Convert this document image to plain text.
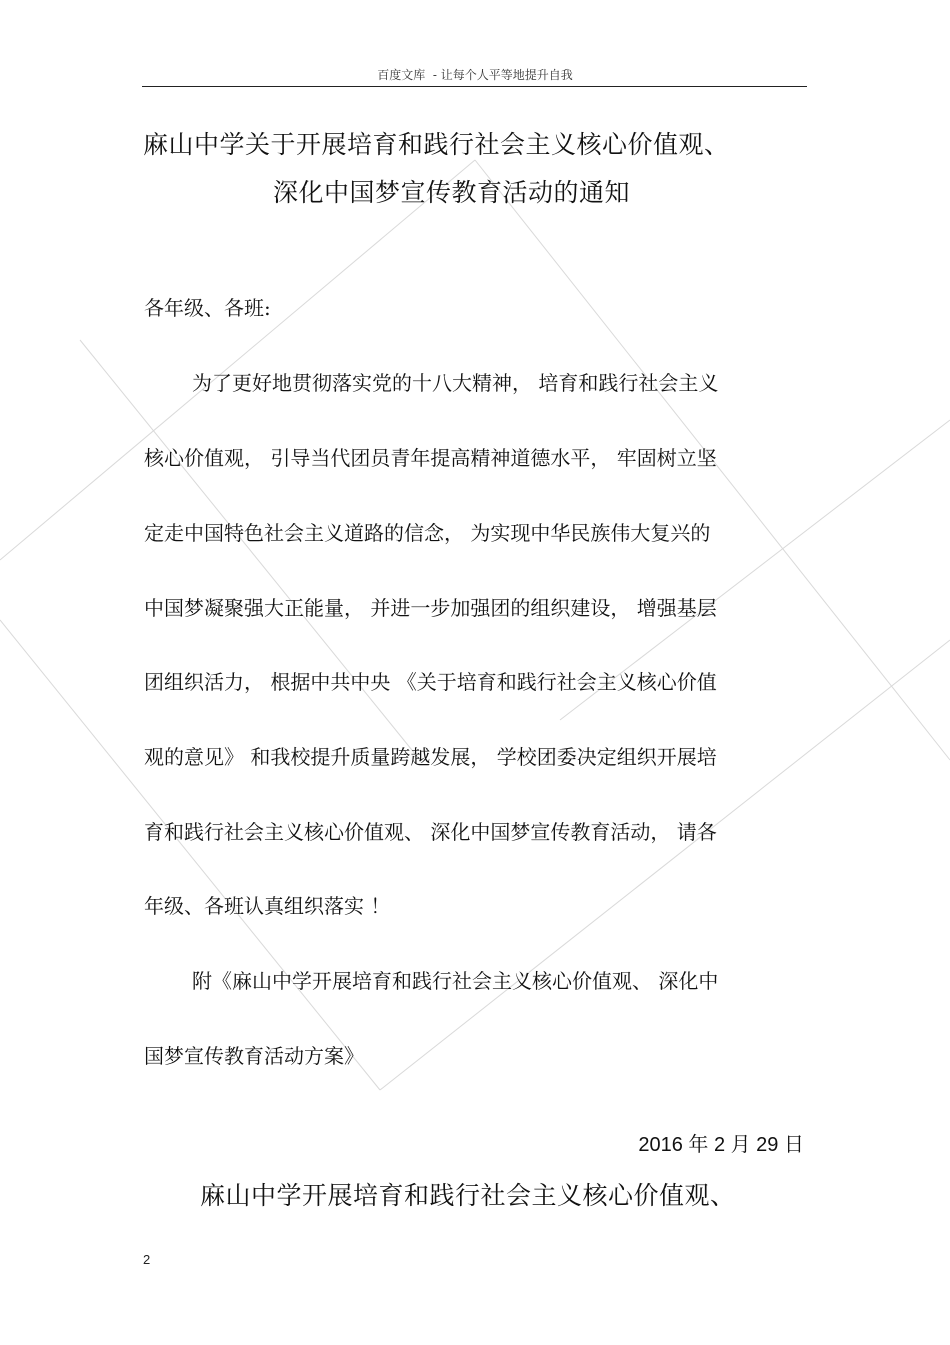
百度文库  - 让每个人平等地提升自我
麻山中学关于开展培育和践行社会主义核心价值观、
深化中国梦宣传教育活动的通知
各年级、各班:
为了更好地贯彻落实党的十八大精神， 培育和践行社会主义
核心价值观， 引导当代团员青年提高精神道德水平， 牢固树立坚
定走中国特色社会主义道路的信念， 为实现中华民族伟大复兴的
中国梦凝聚强大正能量， 并进一步加强团的组织建设， 增强基层
团组织活力， 根据中共中央 《关于培育和践行社会主义核心价值
观的意见》 和我校提升质量跨越发展， 学校团委决定组织开展培
育和践行社会主义核心价值观、 深化中国梦宣传教育活动， 请各
年级、各班认真组织落实 ！
附《麻山中学开展培育和践行社会主义核心价值观、 深化中
国梦宣传教育活动方案》
2016 年 2 月 29 日
麻山中学开展培育和践行社会主义核心价值观、
2
